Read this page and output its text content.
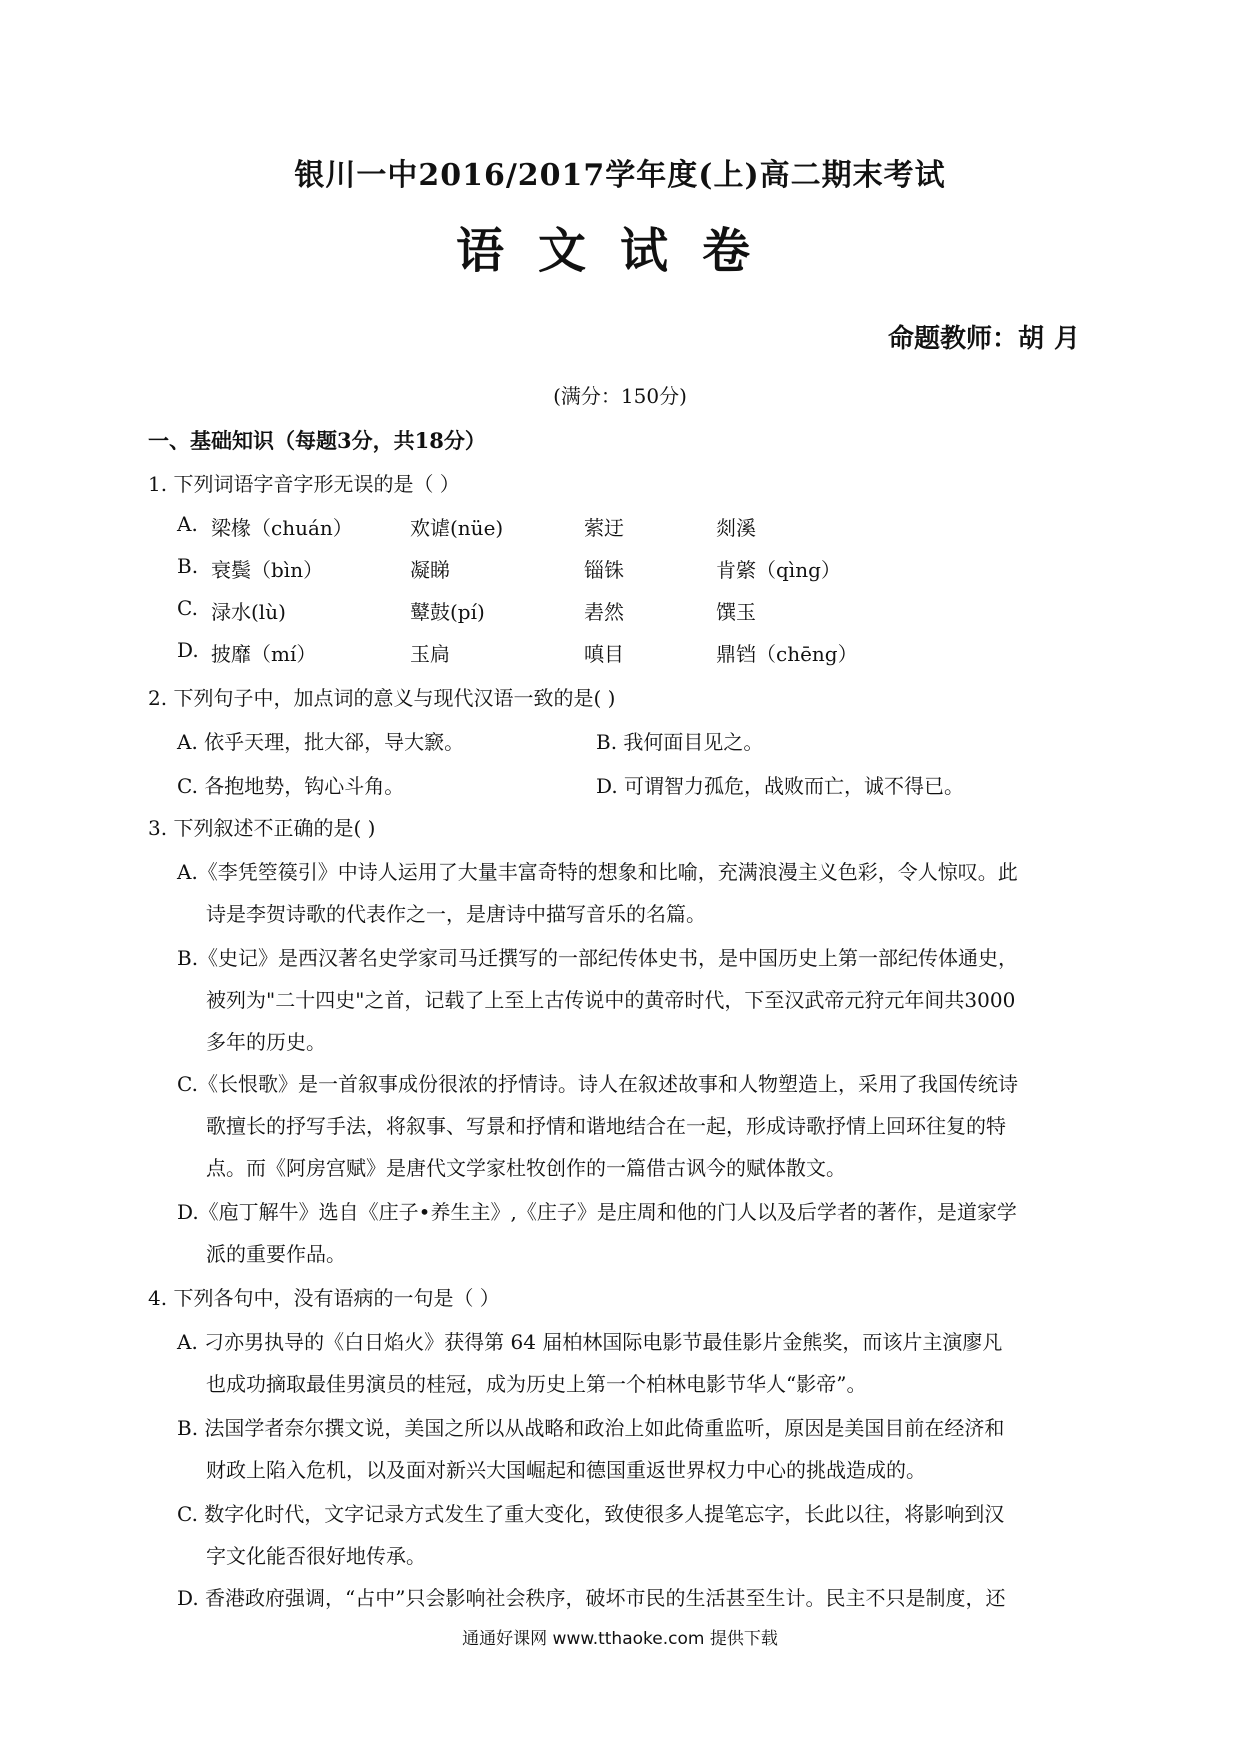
银川一中2016/2017学年度(上)高二期末考试
语文试卷
命题教师：胡月
(满分：150分)
一、基础知识（每题3分，共18分）
1. 下列词语字音字形无误的是（ ）
A. 梁椽（chuán）	欢谑(nüe)	萦迂	剡溪
B. 衰鬓（bìn）	凝睇	锱铢	肯綮（qìng）
C. 渌水(lù)	鼙鼓(pí)	砉然	馔玉
D. 披靡（mí）	玉扃	嗔目	鼎铛（chēng）
2. 下列句子中，加点词的意义与现代汉语一致的是( )
A. 依乎天理，批大郤，导大窾。	B. 我何面目见之。
C. 各抱地势，钩心斗角。	D. 可谓智力孤危，战败而亡，诚不得已。
3. 下列叙述不正确的是( )
A.《李凭箜篌引》中诗人运用了大量丰富奇特的想象和比喻，充满浪漫主义色彩，令人惊叹。此
诗是李贺诗歌的代表作之一，是唐诗中描写音乐的名篇。
B.《史记》是西汉著名史学家司马迁撰写的一部纪传体史书，是中国历史上第一部纪传体通史，
被列为"二十四史"之首，记载了上至上古传说中的黄帝时代，下至汉武帝元狩元年间共3000
多年的历史。
C.《长恨歌》是一首叙事成份很浓的抒情诗。诗人在叙述故事和人物塑造上，采用了我国传统诗
歌擅长的抒写手法，将叙事、写景和抒情和谐地结合在一起，形成诗歌抒情上回环往复的特
点。而《阿房宫赋》是唐代文学家杜牧创作的一篇借古讽今的赋体散文。
D.《庖丁解牛》选自《庄子•养生主》,《庄子》是庄周和他的门人以及后学者的著作，是道家学
派的重要作品。
4. 下列各句中，没有语病的一句是（ ）
A. 刁亦男执导的《白日焰火》获得第 64 届柏林国际电影节最佳影片金熊奖，而该片主演廖凡
也成功摘取最佳男演员的桂冠，成为历史上第一个柏林电影节华人“影帝”。
B. 法国学者奈尔撰文说，美国之所以从战略和政治上如此倚重监听，原因是美国目前在经济和
财政上陷入危机，以及面对新兴大国崛起和德国重返世界权力中心的挑战造成的。
C. 数字化时代，文字记录方式发生了重大变化，致使很多人提笔忘字，长此以往，将影响到汉
字文化能否很好地传承。
D. 香港政府强调，“占中”只会影响社会秩序，破坏市民的生活甚至生计。民主不只是制度，还
通通好课网 www.tthaoke.com 提供下载
